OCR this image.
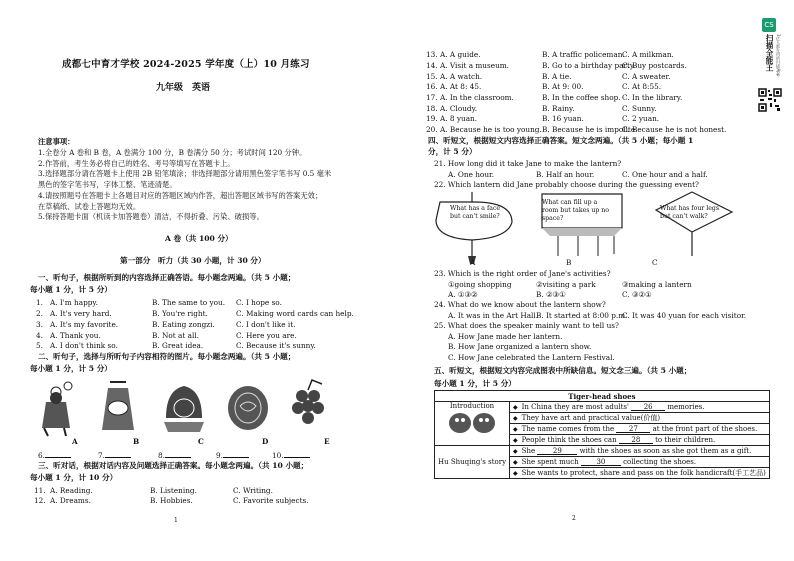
成都七中育才学校 2024-2025 学年度（上）10 月练习
九年级　英语
注意事项：
1.全卷分 A 卷和 B 卷，A 卷满分 100 分，B 卷满分 50 分；考试时间 120 分钟。
2.作答前，考生务必将自己的姓名、考号等填写在答题卡上。
3.选择题部分请在答题卡上使用 2B 铅笔填涂；非选择题部分请用黑色签字笔书写 0.5 毫米
黑色的签字笔书写，字体工整、笔迹清楚。
4.请按照题号在答题卡上各题目对应的答题区域内作答，超出答题区域书写的答案无效；
在草稿纸、试卷上答题均无效。
5.保持答题卡面（机读卡加答题卷）清洁，不得折叠、污染、破损等。
A 卷（共 100 分）
第一部分　听力（共 30 小题，计 30 分）
一、听句子，根据所听到的内容选择正确答语。每小题念两遍。（共 5 小题；
每小题 1 分，计 5 分）
1. A. I'm happy.	B. The same to you. C. I hope so.
2. A. It's very hard.	B. You're right.	C. Making word cards can help.
3. A. It's my favorite.	B. Eating zongzi.	C. I don't like it.
4. A. Thank you.	B. Not at all.	C. Here you are.
5. A. I don't think so.	B. Great idea.	C. Because it's sunny.
二、听句子，选择与所听句子内容相符的图片。每小题念两遍。（共 5 小题；
每小题 1 分，计 5 分）
A	B	C	D	E
6.	7.	8.	9.	10.
三、听对话，根据对话内容及问题选择正确答案。每小题念两遍。（共 10 小题；
每小题 1 分，计 10 分）
11. A. Reading.	B. Listening.	C. Writing.
12. A. Dreams.	B. Hobbies.	C. Favorite subjects.
1
13. A. A guide.	B. A traffic policeman.
C. A milkman.
14. A. Visit a museum.	B. Go to a birthday party.
C. Buy postcards.
15. A. A watch.	B. A tie.	C. A sweater.
16. A. At 8: 45.	B. At 9: 00.	C. At 8:55.
17. A. In the classroom.	B. In the coffee shop. C. In the library.
18. A. Cloudy.	B. Rainy.	C. Sunny.
19. A. 8 yuan.	B. 16 yuan.	C. 2 yuan.
20. A. Because he is too young. B. Because he is impolite.
C. Because he is not honest.
四、听短文，根据短文内容选择正确答案。短文念两遍。（共 5 小题；每小题 1
分，计 5 分）
21. How long did it take Jane to make the lantern?
A. One hour.	B. Half an hour.	C. One hour and a half.
22. Which lantern did Jane probably choose during the guessing event?
What has a face
but can't smile?
What can fill up a
room but takes up no
space?
What has four legs
but can't walk?
A	B	C
23. Which is the right order of Jane's activities?
①going shopping	②visiting a park	③making a lantern
A. ①③②	B. ②③①	C. ③②①
24. What do we know about the lantern show?
A. It was in the Art Hall.
B. It started at 8:00 p.m.
C. It was 40 yuan for each visitor.
25. What does the speaker mainly want to tell us?
A. How Jane made her lantern.
B. How Jane organized a lantern show.
C. How Jane celebrated the Lantern Festival.
五、听短文，根据短文内容完成图表中所缺信息。短文念三遍。（共 5 小题；
每小题 1 分，计 5 分）
Tiger-head shoes	

Introduction	◆ In China they are most adults' 26 memories.
	◆ They have art and practical value(价值)
	◆ The name comes from the 27 at the front part of the shoes.
	◆ People think the shoes can 28 to their children.
Hu Shuqing's story	◆ She 29 with the shoes as soon as she got them as a gift.
	◆ She spent much 30 collecting the shoes.
	◆ She wants to protect, share and pass on the folk handicraft(手工艺品)
2
CS
扫描全能王 3亿人都在用的扫描App
